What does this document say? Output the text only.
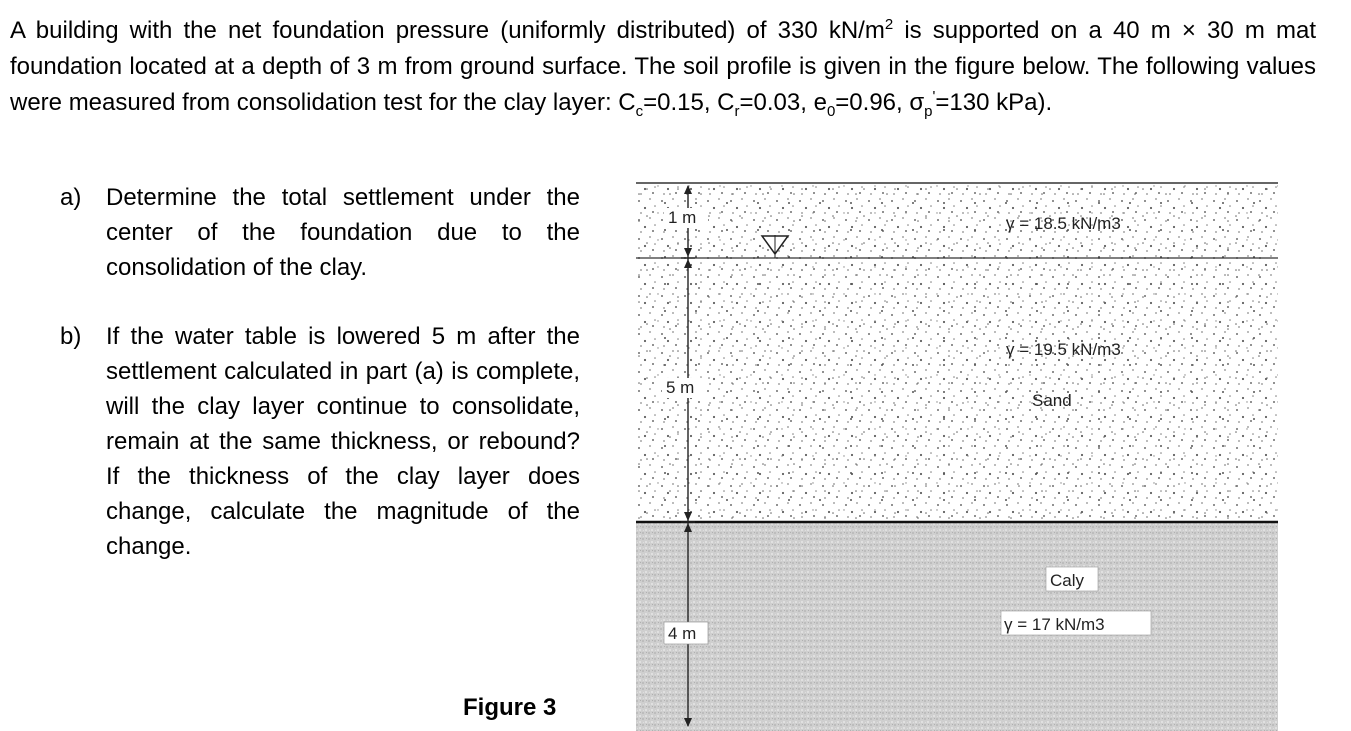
A building with the net foundation pressure (uniformly distributed) of 330 $kN/m^2$ is supported on a 40 m × 30 m mat foundation located at a depth of 3 m from ground surface. The soil profile is given in the figure below. The following values were measured from consolidation test for the clay layer: $C_c=0.15$, $C_r=0.03$, $e_0=0.96$, $\sigma_p'=130$ kPa).

a) Determine the total settlement under the center of the foundation due to the consolidation of the clay.
b) If the water table is lowered 5 m after the settlement calculated in part (a) is complete, will the clay layer continue to consolidate, remain at the same thickness, or rebound? If the thickness of the clay layer does change, calculate the magnitude of the change.
Figure 3
1 m
5 m
4 m
γ = 18.5 kN/m3
γ = 19.5 kN/m3
Sand
Caly
γ = 17 kN/m3
